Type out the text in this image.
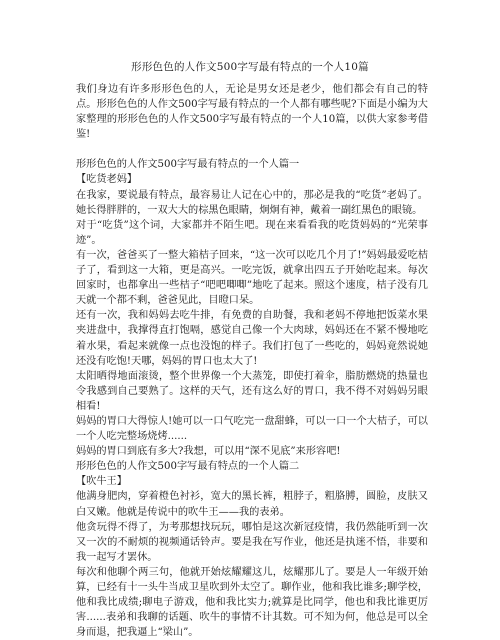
形形色色的人作文500字写最有特点的一个人10篇

我们身边有许多形形色色的人，无论是男女还是老少，他们都会有自己的特点。形形色色的人作文500字写最有特点的一个人都有哪些呢?下面是小编为大家整理的形形色色的人作文500字写最有特点的一个人10篇，以供大家参考借鉴!

形形色色的人作文500字写最有特点的一个人篇一

【吃货老妈】

在我家，要说最有特点，最容易让人记在心中的，那必是我的“吃货”老妈了。她长得胖胖的，一双大大的棕黑色眼睛，炯炯有神，戴着一副红黑色的眼镜。

对于“吃货”这个词，大家都并不陌生吧。现在来看看我的吃货妈妈的“光荣事迹”。

有一次，爸爸买了一整大箱桔子回来，“这一次可以吃几个月了!”妈妈最爱吃桔子了，看到这一大箱，更是高兴。一吃完饭，就拿出四五子开始吃起来。每次回家时，也都拿出一些桔子“吧吧唧唧”地吃了起来。照这个速度，桔子没有几天就一个都不剩，爸爸见此，目瞪口呆。

还有一次，我和妈妈去吃牛排，有免费的自助餐，我和老妈不停地把饭菜水果夹进盘中，我撑得直打饱嗝，感觉自己像一个大肉球，妈妈还在不紧不慢地吃着水果，看起来就像一点也没饱的样子。我们打包了一些吃的，妈妈竟然说她还没有吃饱!天哪，妈妈的胃口也太大了!

太阳晒得地面滚烫，整个世界像一个大蒸笼，即使打着伞，脂肪燃烧的热量也令我感到自己要熟了。这样的天气，还有这么好的胃口，我不得不对妈妈另眼相看!

妈妈的胃口大得惊人!她可以一口气吃完一盘甜蜂，可以一口一个大桔子，可以一个人吃完整场烧烤......

妈妈的胃口到底有多大?我想，可以用“深不见底”来形容吧!

形形色色的人作文500字写最有特点的一个人篇二

【吹牛王】

他满身肥肉，穿着橙色衬衫，宽大的黑长裤，粗脖子，粗胳膊，圆脸，皮肤又白又嫩。他就是传说中的吹牛王——我的表弟。

他贪玩得不得了，为考那想找玩玩，哪怕是这次新冠疫情，我仍然能听到一次又一次的不耐烦的视频通话铃声。要是我在写作业，他还是执迷不悟，非要和我一起写才罢休。

每次和他聊个两三句，他就开始炫耀耀这儿，炫耀那儿了。要是人一年级开始算，已经有十一头牛当成卫星吹到外太空了。聊作业，他和我比谁多;聊学校，他和我比成绩;聊电子游戏，他和我比实力;就算是比同学，他也和我比谁更厉害......表弟和我聊的话题、吹牛的事情不计其数。可不知为何，他总是可以全身而退，把我逼上“梁山”。
